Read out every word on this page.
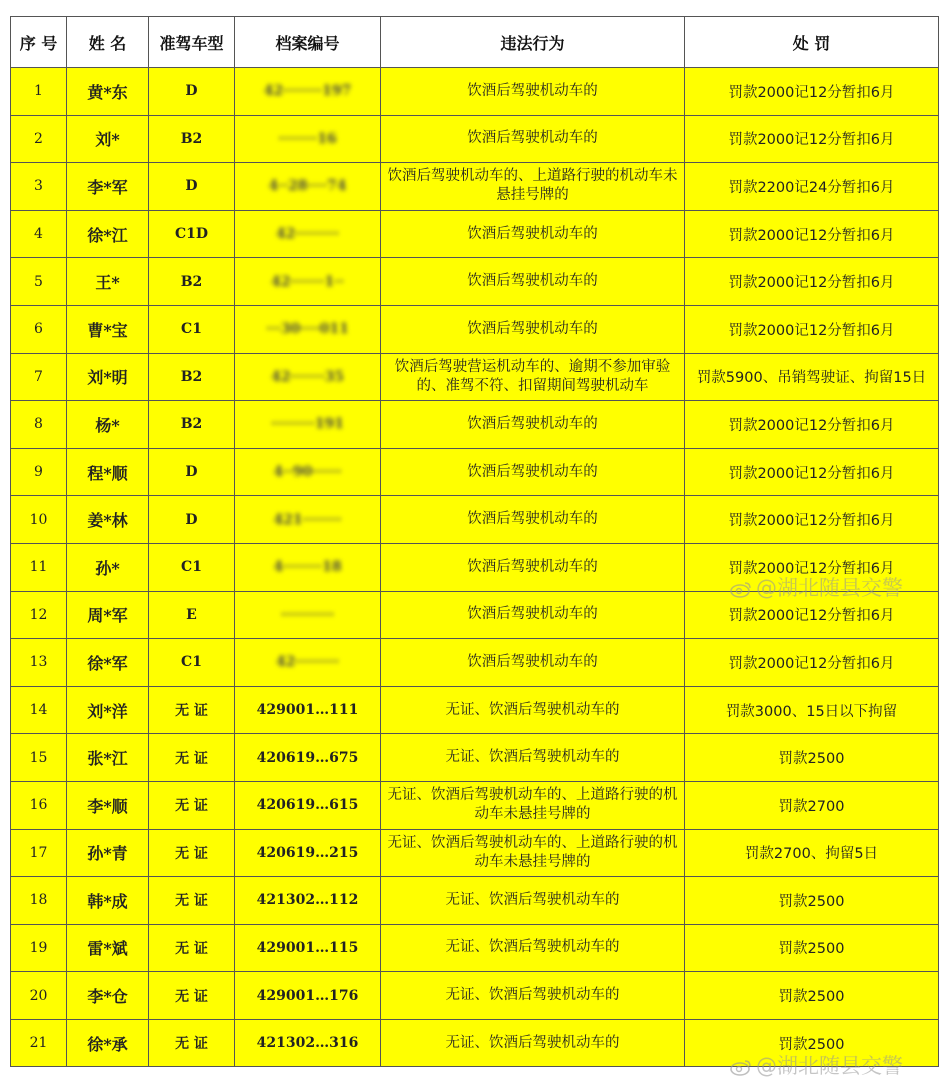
序 号	姓 名	准驾车型	档案编号	违法行为	处 罚
1	黄*东	D	42········197	饮酒后驾驶机动车的	罚款2000记12分暂扣6月
2	刘*	B2	········16	饮酒后驾驶机动车的	罚款2000记12分暂扣6月
3	李*军	D	4··28····74	饮酒后驾驶机动车的、上道路行驶的机动车未悬挂号牌的	罚款2200记24分暂扣6月
4	徐*江	C1D	42·········	饮酒后驾驶机动车的	罚款2000记12分暂扣6月
5	王*	B2	42·······1··	饮酒后驾驶机动车的	罚款2000记12分暂扣6月
6	曹*宝	C1	···30····011	饮酒后驾驶机动车的	罚款2000记12分暂扣6月
7	刘*明	B2	42·······35	饮酒后驾驶营运机动车的、逾期不参加审验的、准驾不符、扣留期间驾驶机动车	罚款5900、吊销驾驶证、拘留15日
8	杨*	B2	·········191	饮酒后驾驶机动车的	罚款2000记12分暂扣6月
9	程*顺	D	4··90······	饮酒后驾驶机动车的	罚款2000记12分暂扣6月
10	姜*林	D	421········	饮酒后驾驶机动车的	罚款2000记12分暂扣6月
11	孙*	C1	4········18	饮酒后驾驶机动车的	罚款2000记12分暂扣6月
12	周*军	E	···········	饮酒后驾驶机动车的	罚款2000记12分暂扣6月
13	徐*军	C1	42·········	饮酒后驾驶机动车的	罚款2000记12分暂扣6月
14	刘*洋	无 证	429001…111	无证、饮酒后驾驶机动车的	罚款3000、15日以下拘留
15	张*江	无 证	420619…675	无证、饮酒后驾驶机动车的	罚款2500
16	李*顺	无 证	420619…615	无证、饮酒后驾驶机动车的、上道路行驶的机动车未悬挂号牌的	罚款2700
17	孙*青	无 证	420619…215	无证、饮酒后驾驶机动车的、上道路行驶的机动车未悬挂号牌的	罚款2700、拘留5日
18	韩*成	无 证	421302…112	无证、饮酒后驾驶机动车的	罚款2500
19	雷*斌	无 证	429001…115	无证、饮酒后驾驶机动车的	罚款2500
20	李*仓	无 证	429001…176	无证、饮酒后驾驶机动车的	罚款2500
21	徐*承	无 证	421302…316	无证、饮酒后驾驶机动车的	罚款2500
@湖北随县交警
@湖北随县交警
